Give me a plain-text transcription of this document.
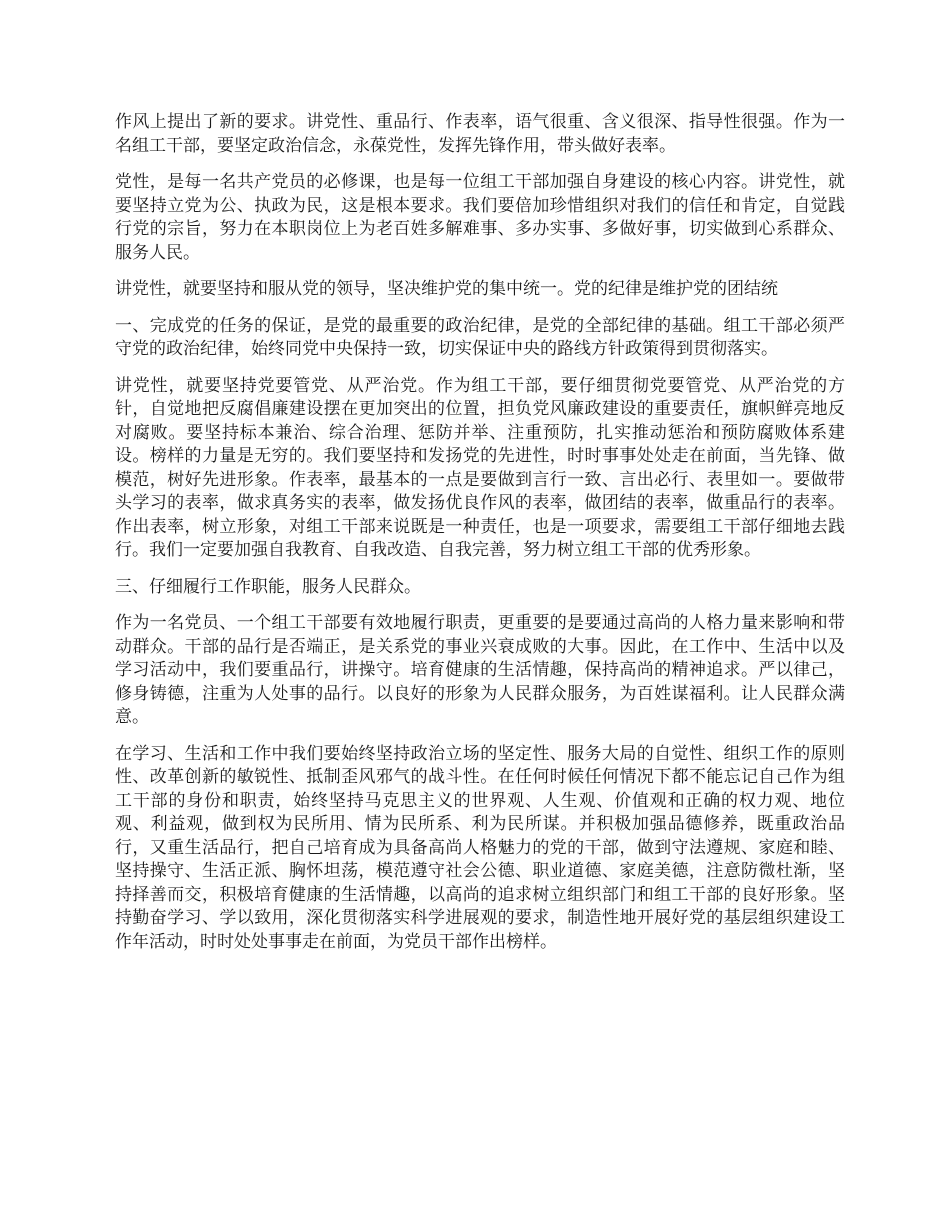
作风上提出了新的要求。讲党性、重品行、作表率，语气很重、含义很深、指导性很强。作为一名组工干部，要坚定政治信念，永葆党性，发挥先锋作用，带头做好表率。

党性，是每一名共产党员的必修课，也是每一位组工干部加强自身建设的核心内容。讲党性，就要坚持立党为公、执政为民，这是根本要求。我们要倍加珍惜组织对我们的信任和肯定，自觉践行党的宗旨，努力在本职岗位上为老百姓多解难事、多办实事、多做好事，切实做到心系群众、服务人民。

讲党性，就要坚持和服从党的领导，坚决维护党的集中统一。党的纪律是维护党的团结统

一、完成党的任务的保证，是党的最重要的政治纪律，是党的全部纪律的基础。组工干部必须严守党的政治纪律，始终同党中央保持一致，切实保证中央的路线方针政策得到贯彻落实。

讲党性，就要坚持党要管党、从严治党。作为组工干部，要仔细贯彻党要管党、从严治党的方针，自觉地把反腐倡廉建设摆在更加突出的位置，担负党风廉政建设的重要责任，旗帜鲜亮地反对腐败。要坚持标本兼治、综合治理、惩防并举、注重预防，扎实推动惩治和预防腐败体系建设。榜样的力量是无穷的。我们要坚持和发扬党的先进性，时时事事处处走在前面，当先锋、做模范，树好先进形象。作表率，最基本的一点是要做到言行一致、言出必行、表里如一。要做带头学习的表率，做求真务实的表率，做发扬优良作风的表率，做团结的表率，做重品行的表率。作出表率，树立形象，对组工干部来说既是一种责任，也是一项要求，需要组工干部仔细地去践行。我们一定要加强自我教育、自我改造、自我完善，努力树立组工干部的优秀形象。

三、仔细履行工作职能，服务人民群众。

作为一名党员、一个组工干部要有效地履行职责，更重要的是要通过高尚的人格力量来影响和带动群众。干部的品行是否端正，是关系党的事业兴衰成败的大事。因此，在工作中、生活中以及学习活动中，我们要重品行，讲操守。培育健康的生活情趣，保持高尚的精神追求。严以律己，修身铸德，注重为人处事的品行。以良好的形象为人民群众服务，为百姓谋福利。让人民群众满意。

在学习、生活和工作中我们要始终坚持政治立场的坚定性、服务大局的自觉性、组织工作的原则性、改革创新的敏锐性、抵制歪风邪气的战斗性。在任何时候任何情况下都不能忘记自己作为组工干部的身份和职责，始终坚持马克思主义的世界观、人生观、价值观和正确的权力观、地位观、利益观，做到权为民所用、情为民所系、利为民所谋。并积极加强品德修养，既重政治品行，又重生活品行，把自己培育成为具备高尚人格魅力的党的干部，做到守法遵规、家庭和睦、坚持操守、生活正派、胸怀坦荡，模范遵守社会公德、职业道德、家庭美德，注意防微杜渐，坚持择善而交，积极培育健康的生活情趣，以高尚的追求树立组织部门和组工干部的良好形象。坚持勤奋学习、学以致用，深化贯彻落实科学进展观的要求，制造性地开展好党的基层组织建设工作年活动，时时处处事事走在前面，为党员干部作出榜样。
